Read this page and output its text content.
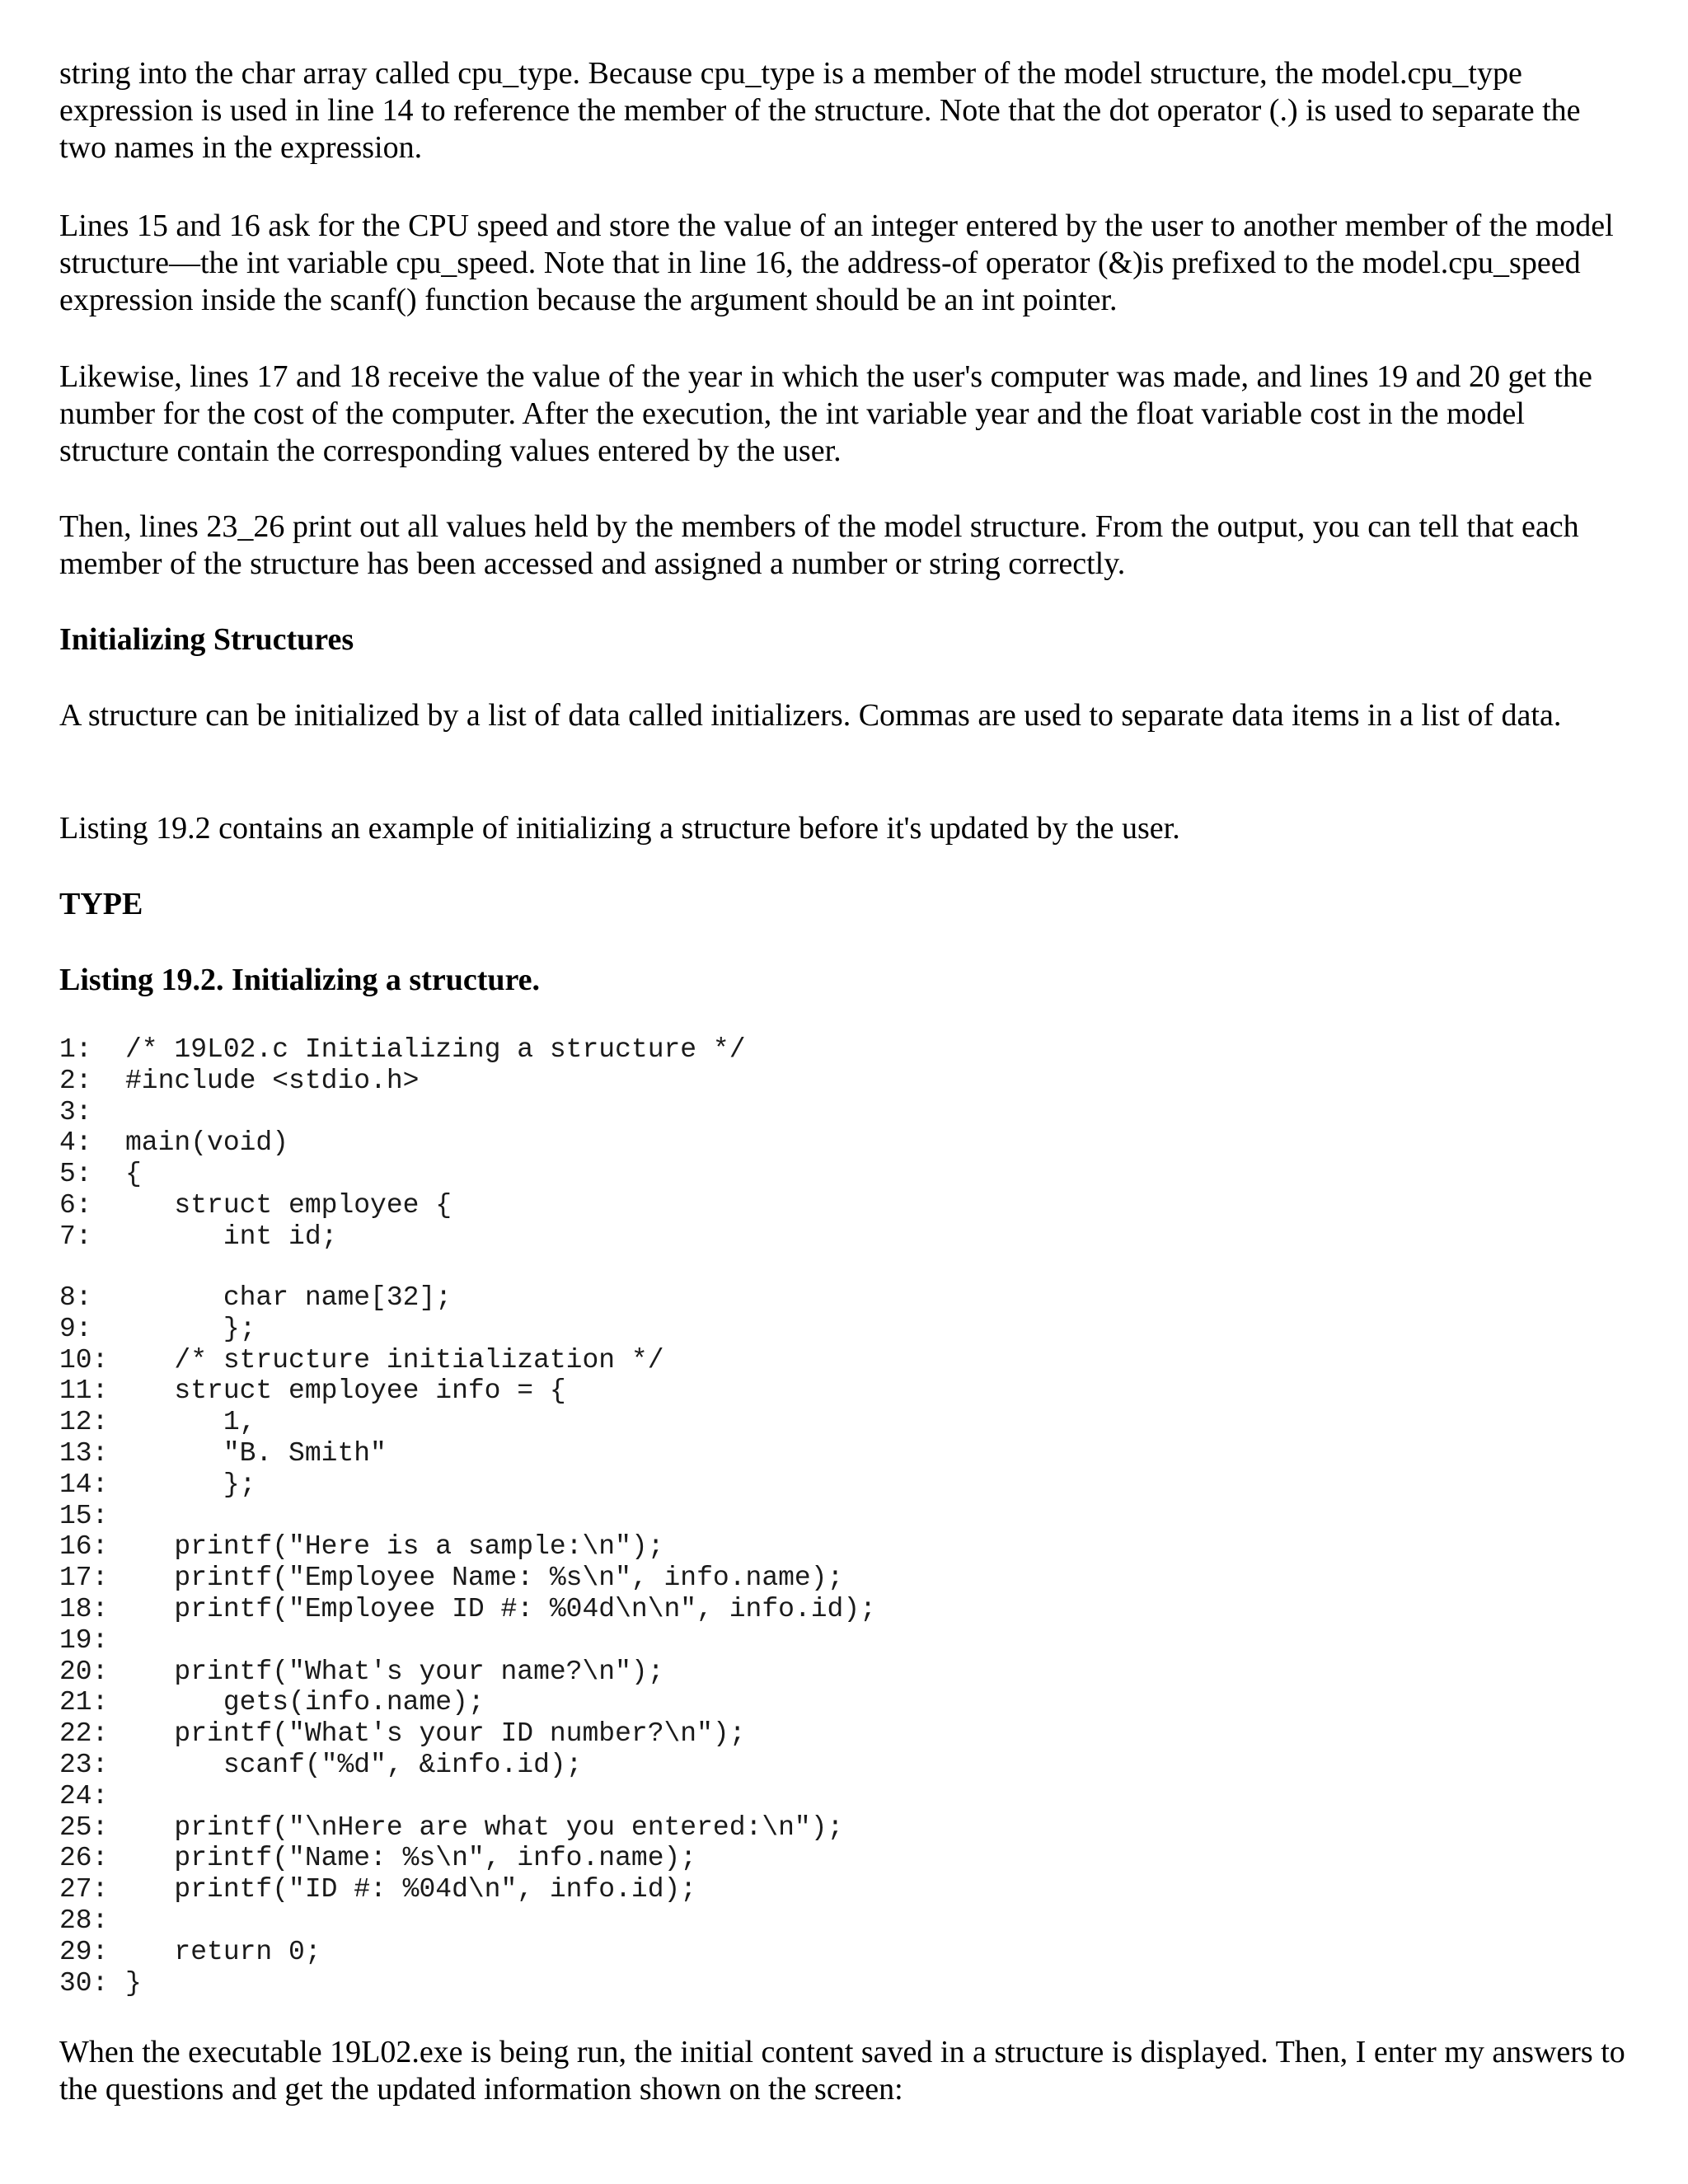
string into the char array called cpu_type. Because cpu_type is a member of the model structure, the model.cpu_type expression is used in line 14 to reference the member of the structure. Note that the dot operator (.) is used to separate the two names in the expression.

Lines 15 and 16 ask for the CPU speed and store the value of an integer entered by the user to another member of the model structure—the int variable cpu_speed. Note that in line 16, the address-of operator (&)is prefixed to the model.cpu_speed expression inside the scanf() function because the argument should be an int pointer.

Likewise, lines 17 and 18 receive the value of the year in which the user's computer was made, and lines 19 and 20 get the number for the cost of the computer. After the execution, the int variable year and the float variable cost in the model structure contain the corresponding values entered by the user.

Then, lines 23_26 print out all values held by the members of the model structure. From the output, you can tell that each member of the structure has been accessed and assigned a number or string correctly.

Initializing Structures

A structure can be initialized by a list of data called initializers. Commas are used to separate data items in a list of data.

Listing 19.2 contains an example of initializing a structure before it's updated by the user.

TYPE
Listing 19.2. Initializing a structure.
1: /* 19L02.c Initializing a structure */
2: #include <stdio.h>
3:
4: main(void)
5: {
6:   struct employee {
7:      int id;
8:      char name[32];
9:      };
10:   /* structure initialization */
11:   struct employee info = {
12:      1,
13:      "B. Smith"
14:      };
15:
16:   printf("Here is a sample:\n");
17:   printf("Employee Name: %s\n", info.name);
18:   printf("Employee ID #: %04d\n\n", info.id);
19:
20:   printf("What's your name?\n");
21:      gets(info.name);
22:   printf("What's your ID number?\n");
23:      scanf("%d", &info.id);
24:
25:   printf("\nHere are what you entered:\n");
26:   printf("Name: %s\n", info.name);
27:   printf("ID #: %04d\n", info.id);
28:
29:   return 0;
30: }

When the executable 19L02.exe is being run, the initial content saved in a structure is displayed. Then, I enter my answers to the questions and get the updated information shown on the screen:
